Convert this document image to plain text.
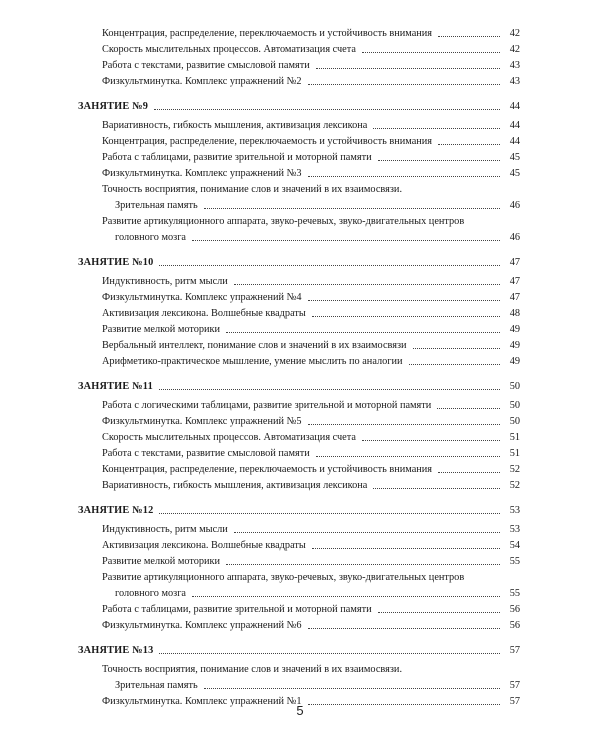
Концентрация, распределение, переключаемость и устойчивость внимания	42
Скорость мыслительных процессов. Автоматизация счета	42
Работа с текстами, развитие смысловой памяти	43
Физкультминутка. Комплекс упражнений №2	43
ЗАНЯТИЕ №9	44
Вариативность, гибкость мышления, активизация лексикона	44
Концентрация, распределение, переключаемость и устойчивость внимания	44
Работа с таблицами, развитие зрительной и моторной памяти	45
Физкультминутка. Комплекс упражнений №3	45
Точность восприятия, понимание слов и значений в их взаимосвязи.
Зрительная память	46
Развитие артикуляционного аппарата, звуко-речевых, звуко-двигательных центров
головного мозга	46
ЗАНЯТИЕ №10	47
Индуктивность, ритм мысли	47
Физкультминутка. Комплекс упражнений №4	47
Активизация лексикона. Волшебные квадраты	48
Развитие мелкой моторики	49
Вербальный интеллект, понимание слов и значений в их взаимосвязи	49
Арифметико-практическое мышление, умение мыслить по аналогии	49
ЗАНЯТИЕ №11	50
Работа с логическими таблицами, развитие зрительной и моторной памяти	50
Физкультминутка. Комплекс упражнений №5	50
Скорость мыслительных процессов. Автоматизация счета	51
Работа с текстами, развитие смысловой памяти	51
Концентрация, распределение, переключаемость и устойчивость внимания	52
Вариативность, гибкость мышления, активизация лексикона	52
ЗАНЯТИЕ №12	53
Индуктивность, ритм мысли	53
Активизация лексикона. Волшебные квадраты	54
Развитие мелкой моторики	55
Развитие артикуляционного аппарата, звуко-речевых, звуко-двигательных центров
головного мозга	55
Работа с таблицами, развитие зрительной и моторной памяти	56
Физкультминутка. Комплекс упражнений №6	56
ЗАНЯТИЕ №13	57
Точность восприятия, понимание слов и значений в их взаимосвязи.
Зрительная память	57
Физкультминутка. Комплекс упражнений №1	57
5
